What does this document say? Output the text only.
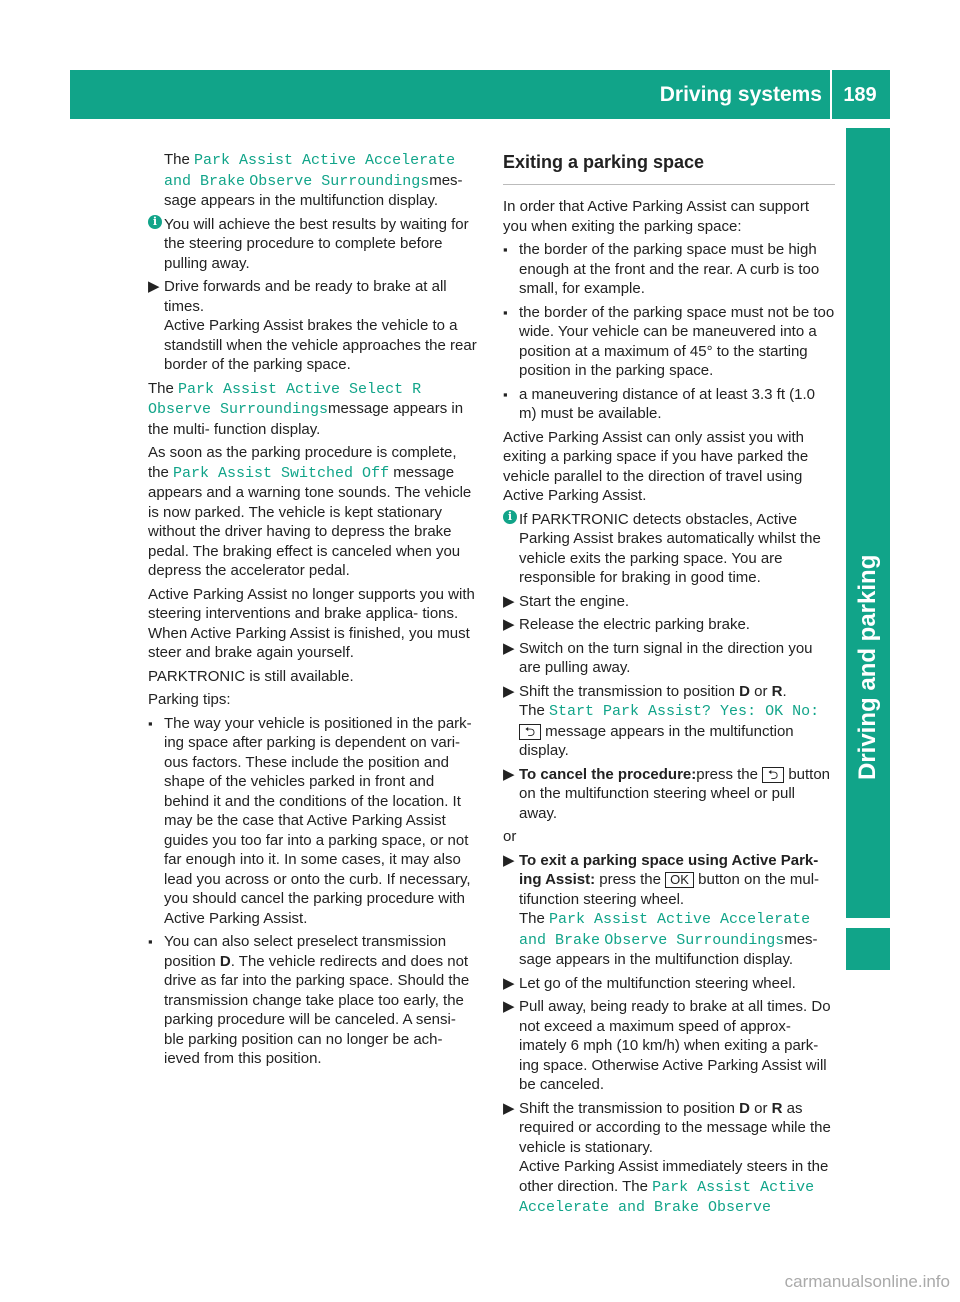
Driving systems	189
Driving and parking

The Park Assist Active Accelerate and Brake Observe Surroundingsmes- sage appears in the multifunction display.

i You will achieve the best results by waiting for the steering procedure to complete before pulling away.

▶ Drive forwards and be ready to brake at all times.
Active Parking Assist brakes the vehicle to a standstill when the vehicle approaches the rear border of the parking space.

The Park Assist Active Select R Observe Surroundingsmessage appears in the multi- function display.

As soon as the parking procedure is complete, the Park Assist Switched Off message appears and a warning tone sounds. The vehicle is now parked. The vehicle is kept stationary without the driver having to depress the brake pedal. The braking effect is canceled when you depress the accelerator pedal.

Active Parking Assist no longer supports you with steering interventions and brake applica- tions. When Active Parking Assist is finished, you must steer and brake again yourself.

PARKTRONIC is still available.

Parking tips:

▪ The way your vehicle is positioned in the park- ing space after parking is dependent on vari- ous factors. These include the position and shape of the vehicles parked in front and behind it and the conditions of the location. It may be the case that Active Parking Assist guides you too far into a parking space, or not far enough into it. In some cases, it may also lead you across or onto the curb. If necessary, you should cancel the parking procedure with Active Parking Assist.

▪ You can also select preselect transmission position D. The vehicle redirects and does not drive as far into the parking space. Should the transmission change take place too early, the parking procedure will be canceled. A sensi- ble parking position can no longer be ach- ieved from this position.

Exiting a parking space

In order that Active Parking Assist can support you when exiting the parking space:

▪ the border of the parking space must be high enough at the front and the rear. A curb is too small, for example.

▪ the border of the parking space must not be too wide. Your vehicle can be maneuvered into a position at a maximum of 45° to the starting position in the parking space.

▪ a maneuvering distance of at least 3.3 ft (1.0 m) must be available.

Active Parking Assist can only assist you with exiting a parking space if you have parked the vehicle parallel to the direction of travel using Active Parking Assist.

i If PARKTRONIC detects obstacles, Active Parking Assist brakes automatically whilst the vehicle exits the parking space. You are responsible for braking in good time.

▶ Start the engine.

▶ Release the electric parking brake.

▶ Switch on the turn signal in the direction you are pulling away.

▶ Shift the transmission to position D or R.
The Start Park Assist? Yes: OK No: ⮌ message appears in the multifunction display.

▶ To cancel the procedure:press the ⮌ button on the multifunction steering wheel or pull away.

or

▶ To exit a parking space using Active Park- ing Assist: press the OK button on the mul- tifunction steering wheel.
The Park Assist Active Accelerate and Brake Observe Surroundingsmes- sage appears in the multifunction display.

▶ Let go of the multifunction steering wheel.

▶ Pull away, being ready to brake at all times. Do not exceed a maximum speed of approx- imately 6 mph (10 km/h) when exiting a park- ing space. Otherwise Active Parking Assist will be canceled.

▶ Shift the transmission to position D or R as required or according to the message while the vehicle is stationary.
Active Parking Assist immediately steers in the other direction. The Park Assist Active Accelerate and Brake Observe

carmanualsonline.info
